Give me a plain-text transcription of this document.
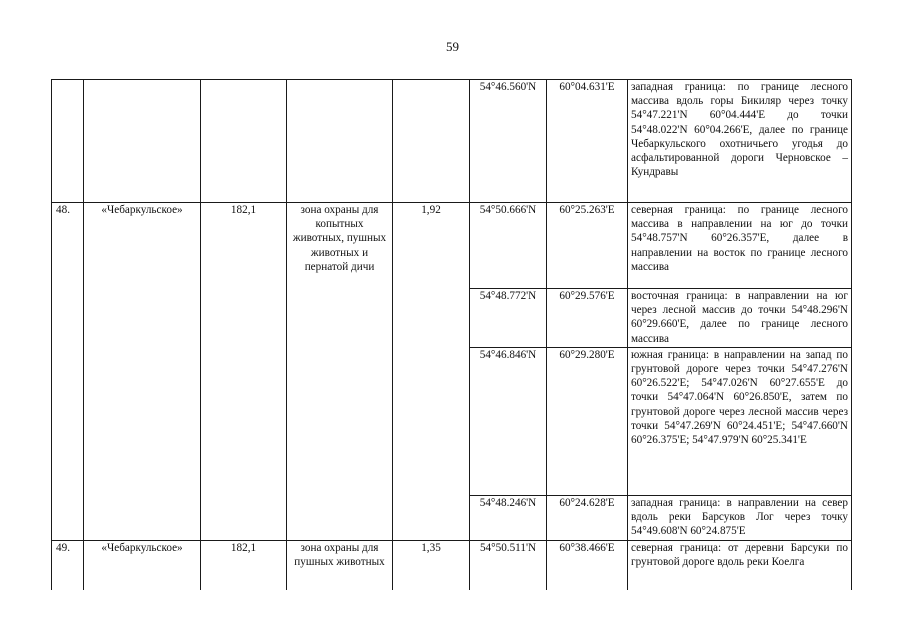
59
					54°46.560'N	60°04.631'E	западная граница: по границе лесного массива вдоль горы Бикиляр через точку 54°47.221'N 60°04.444'E до точки 54°48.022'N 60°04.266'E, далее по границе Чебаркульского охотничьего угодья до асфальтированной дороги Черновское – Кундравы
48.	«Чебаркульское»	182,1	зона охраны для копытных животных, пушных животных и пернатой дичи	1,92	54°50.666'N	60°25.263'E	северная граница: по границе лесного массива в направлении на юг до точки 54°48.757'N 60°26.357'E, далее в направлении на восток по границе лесного массива
					54°48.772'N	60°29.576'E	восточная граница: в направлении на юг через лесной массив до точки 54°48.296'N 60°29.660'E, далее по границе лесного массива
					54°46.846'N	60°29.280'E	южная граница: в направлении на запад по грунтовой дороге через точки 54°47.276'N 60°26.522'E; 54°47.026'N 60°27.655'E до точки 54°47.064'N 60°26.850'E, затем по грунтовой дороге через лесной массив через точки 54°47.269'N 60°24.451'E; 54°47.660'N 60°26.375'E; 54°47.979'N 60°25.341'E
					54°48.246'N	60°24.628'E	западная граница: в направлении на север вдоль реки Барсуков Лог через точку 54°49.608'N 60°24.875'E
49.	«Чебаркульское»	182,1	зона охраны для пушных животных	1,35	54°50.511'N	60°38.466'E	северная граница: от деревни Барсуки по грунтовой дороге вдоль реки Коелга
